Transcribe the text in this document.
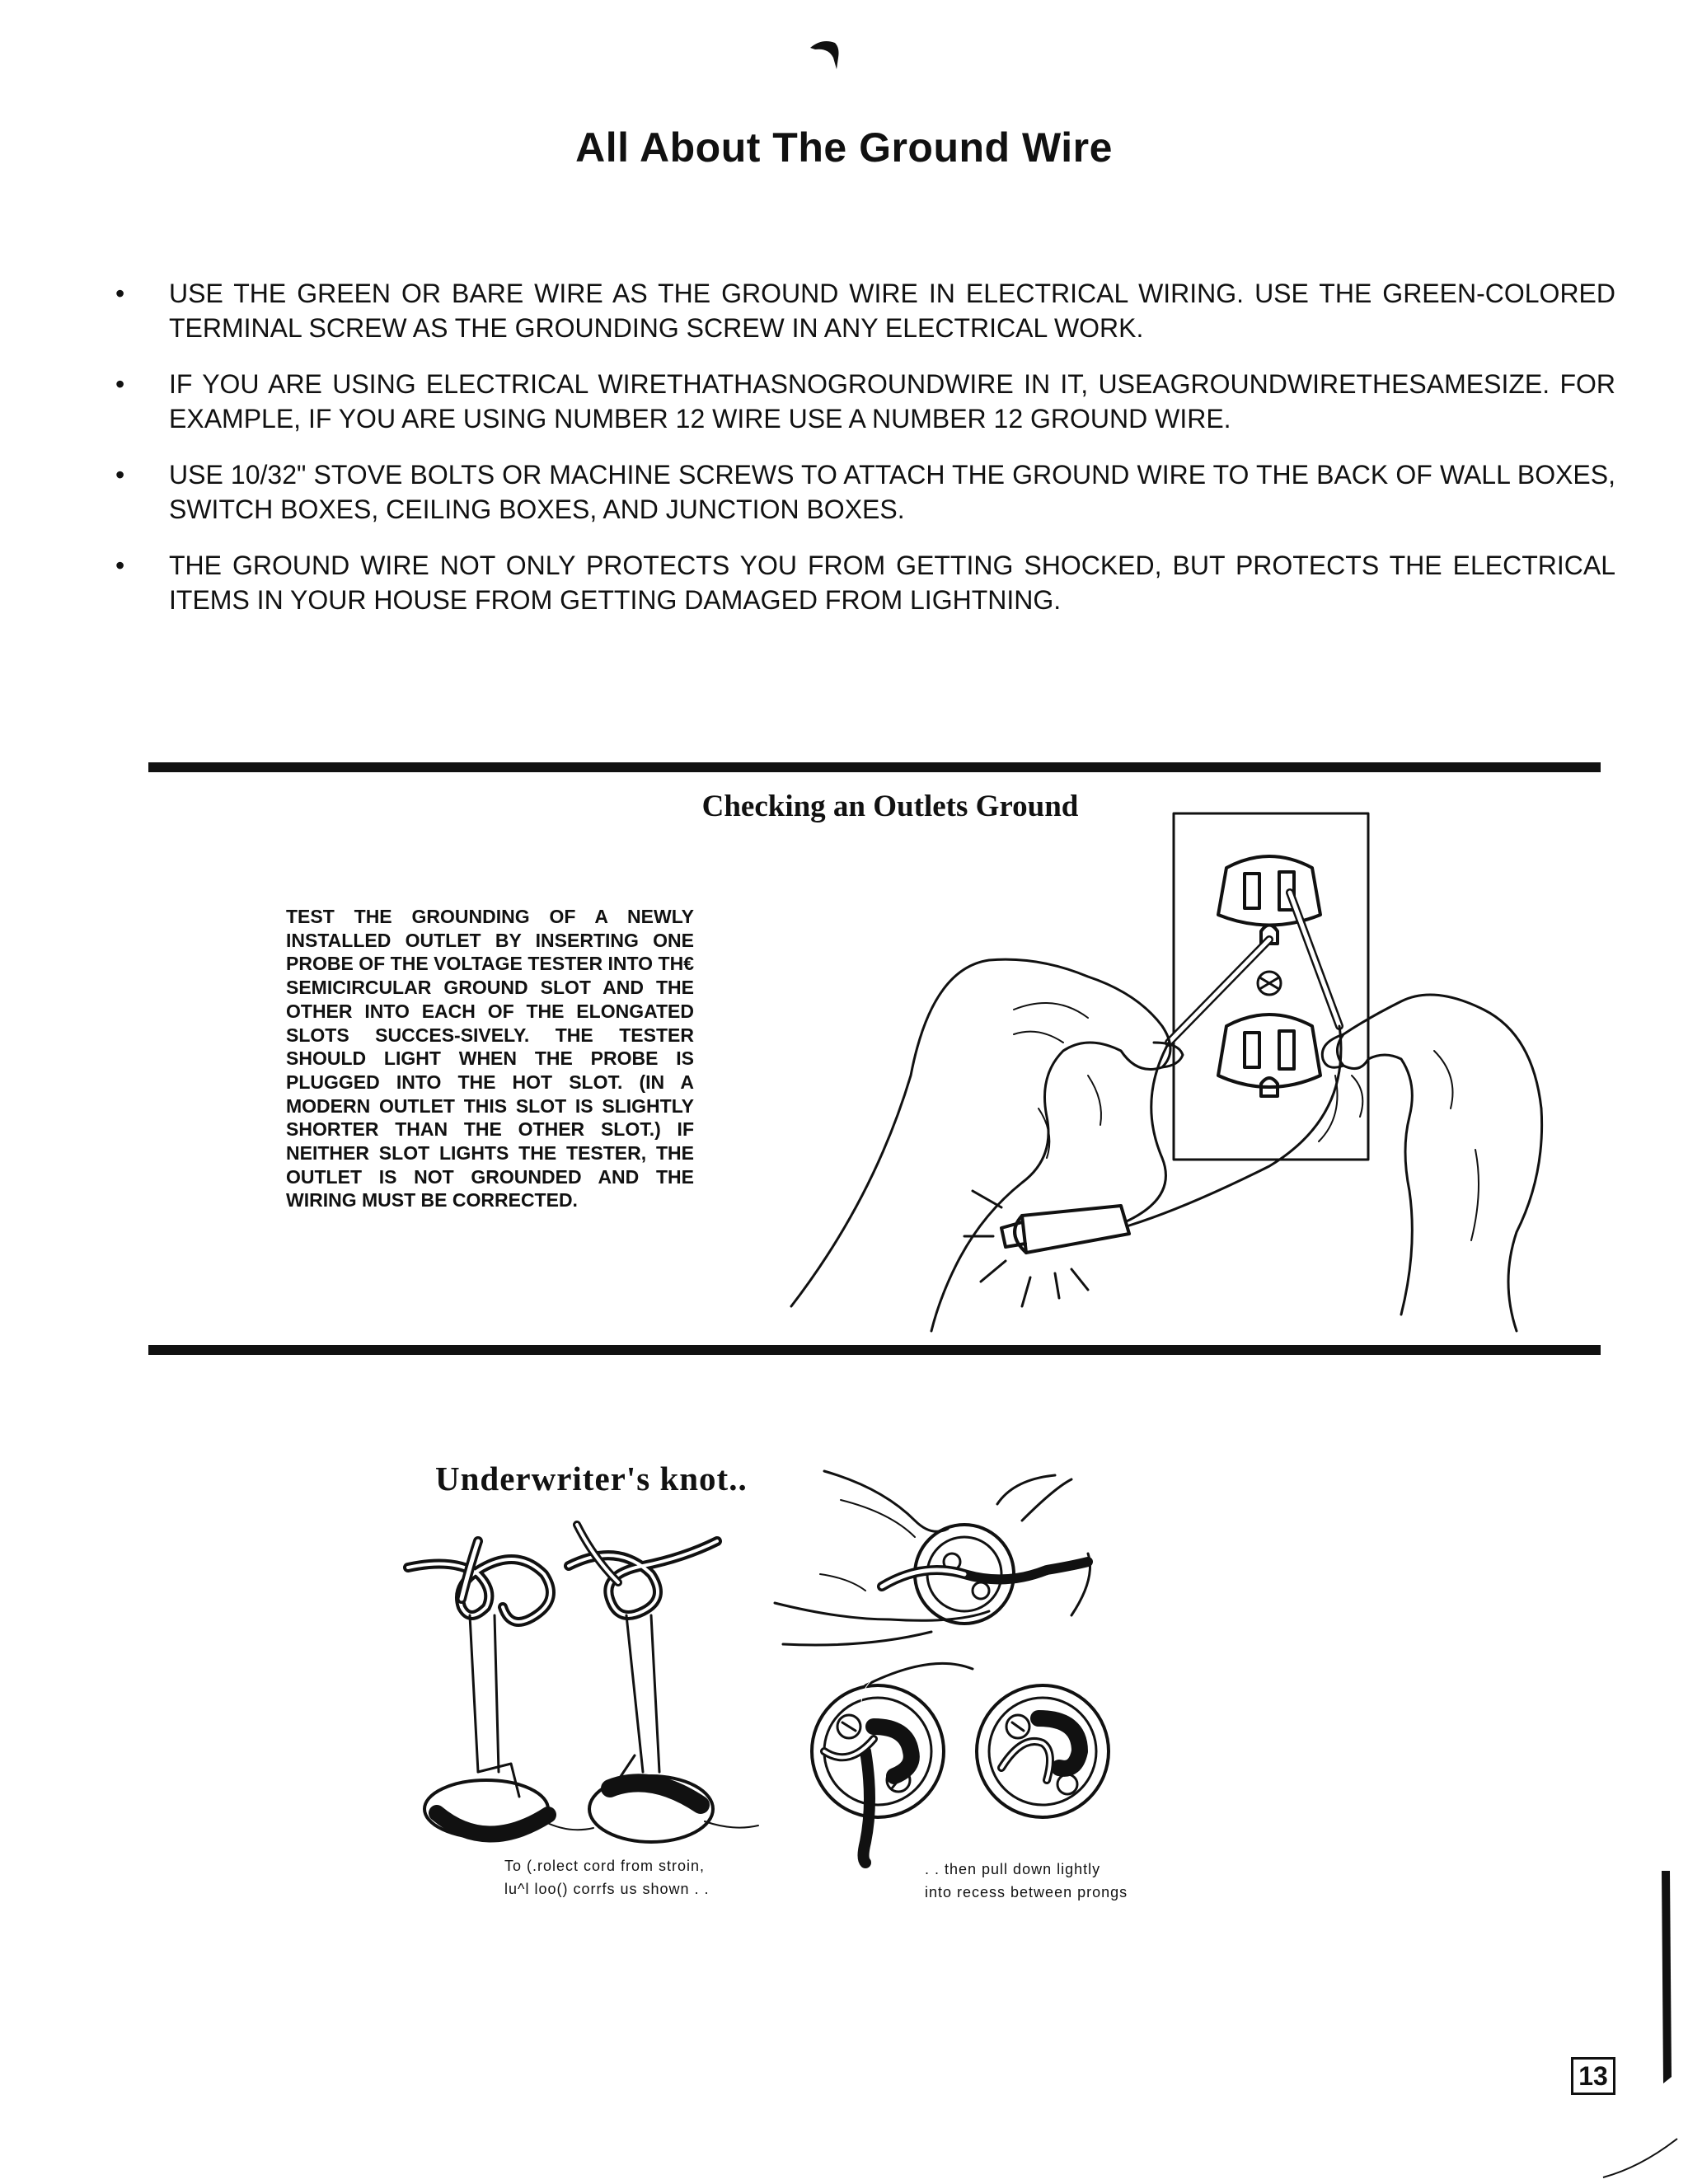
All About The Ground Wire
• USE THE GREEN OR BARE WIRE AS THE GROUND WIRE IN ELECTRICAL WIRING. USE THE GREEN-COLORED TERMINAL SCREW AS THE GROUNDING SCREW IN ANY ELECTRICAL WORK.
• IF YOU ARE USING ELECTRICAL WIRETHATHASNOGROUNDWIRE IN IT, USEAGROUNDWIRETHESAMESIZE. FOR EXAMPLE, IF YOU ARE USING NUMBER 12 WIRE USE A NUMBER 12 GROUND WIRE.
• USE 10/32" STOVE BOLTS OR MACHINE SCREWS TO ATTACH THE GROUND WIRE TO THE BACK OF WALL BOXES, SWITCH BOXES, CEILING BOXES, AND JUNCTION BOXES.
• THE GROUND WIRE NOT ONLY PROTECTS YOU FROM GETTING SHOCKED, BUT PROTECTS THE ELECTRICAL ITEMS IN YOUR HOUSE FROM GETTING DAMAGED FROM LIGHTNING.
Checking an Outlets Ground
TEST THE GROUNDING OF A NEWLY INSTALLED OUTLET BY INSERTING ONE PROBE OF THE VOLTAGE TESTER INTO TH€ SEMICIRCULAR GROUND SLOT AND THE OTHER INTO EACH OF THE ELONGATED SLOTS SUCCES-SIVELY. THE TESTER SHOULD LIGHT WHEN THE PROBE IS PLUGGED INTO THE HOT SLOT. (IN A MODERN OUTLET THIS SLOT IS SLIGHTLY SHORTER THAN THE OTHER SLOT.) IF NEITHER SLOT LIGHTS THE TESTER, THE OUTLET IS NOT GROUNDED AND THE WIRING MUST BE CORRECTED.
Underwriter's knot..
To (.rolect cord from stroin,
lu^l loo() corrfs us shown . .
. . then pull down lightly
into recess between prongs
13
